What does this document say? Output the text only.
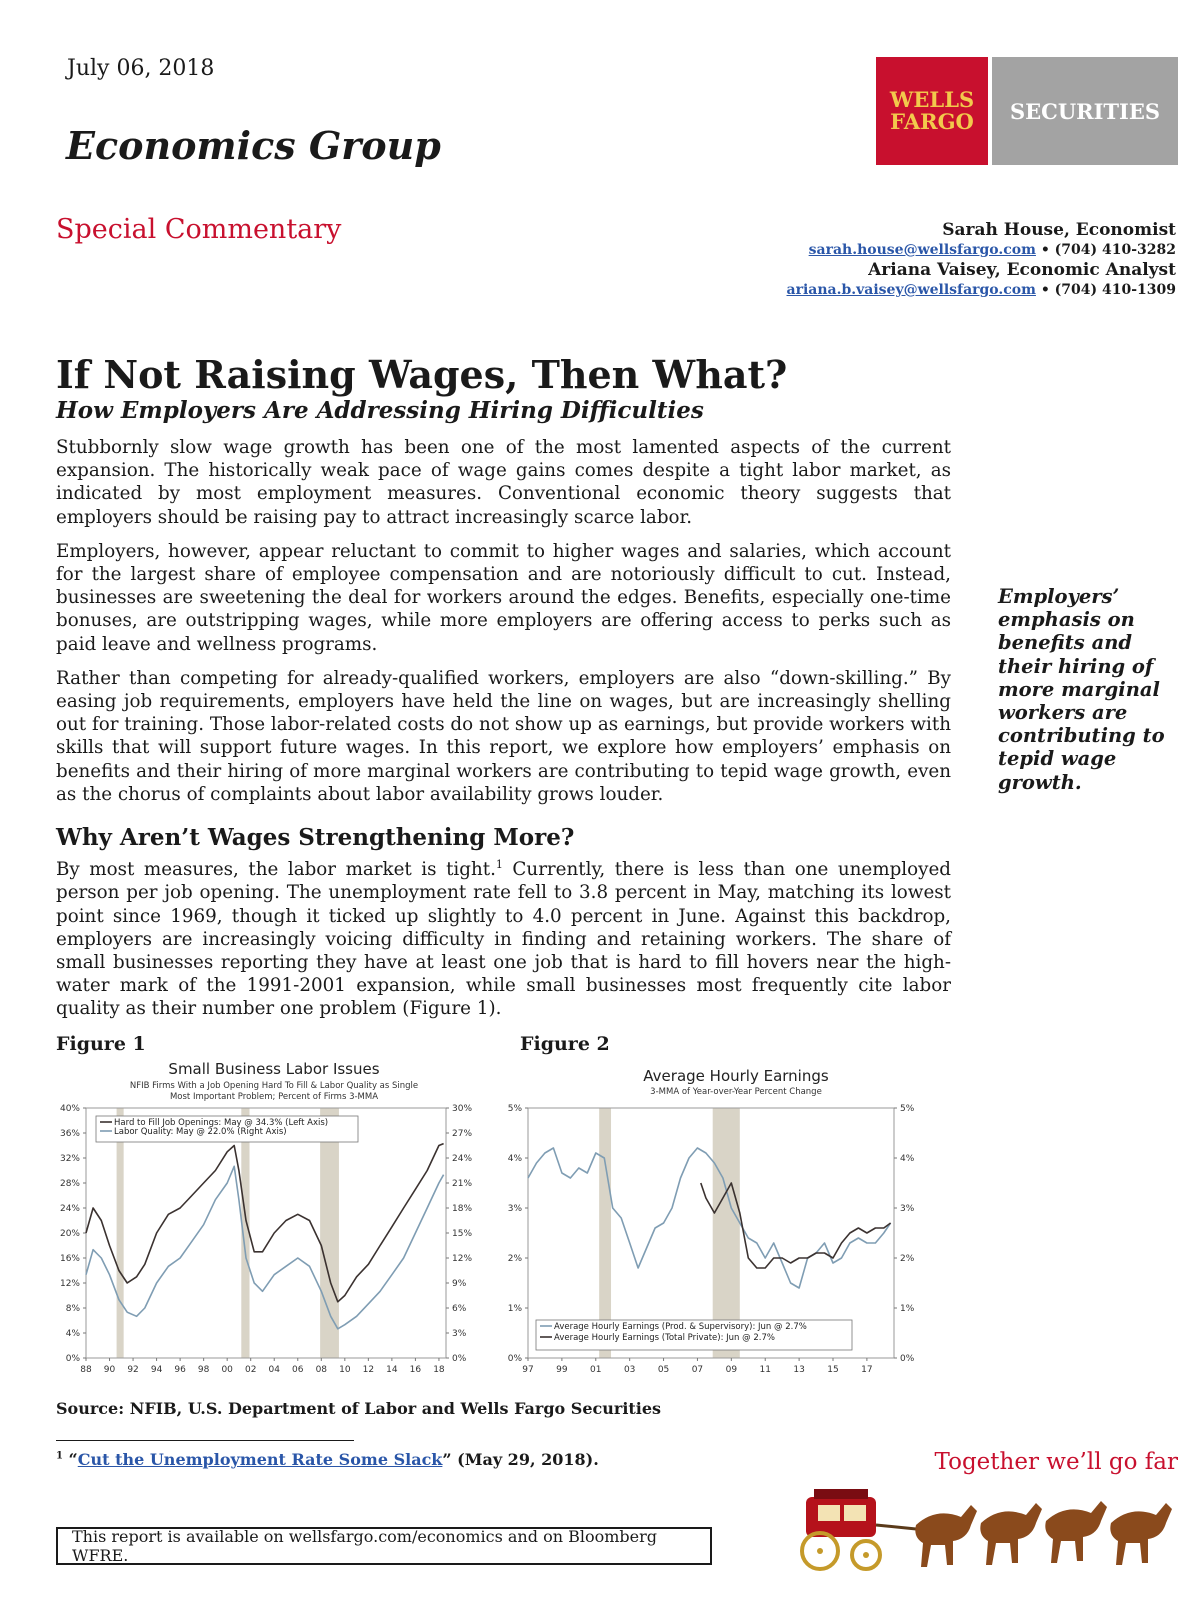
July 06, 2018
Economics Group
WELLS
FARGO	SECURITIES
Special Commentary	Sarah House, Economist
sarah.house@wellsfargo.com • (704) 410-3282
Ariana Vaisey, Economic Analyst
ariana.b.vaisey@wellsfargo.com • (704) 410-1309
If Not Raising Wages, Then What?
How Employers Are Addressing Hiring Difficulties

Stubbornly slow wage growth has been one of the most lamented aspects of the current expansion. The historically weak pace of wage gains comes despite a tight labor market, as indicated by most employment measures. Conventional economic theory suggests that employers should be raising pay to attract increasingly scarce labor.

Employers, however, appear reluctant to commit to higher wages and salaries, which account for the largest share of employee compensation and are notoriously difficult to cut. Instead, businesses are sweetening the deal for workers around the edges. Benefits, especially one-time bonuses, are outstripping wages, while more employers are offering access to perks such as paid leave and wellness programs.

Rather than competing for already-qualified workers, employers are also “down-skilling.” By easing job requirements, employers have held the line on wages, but are increasingly shelling out for training. Those labor-related costs do not show up as earnings, but provide workers with skills that will support future wages. In this report, we explore how employers’ emphasis on benefits and their hiring of more marginal workers are contributing to tepid wage growth, even as the chorus of complaints about labor availability grows louder.

Employers’ emphasis on benefits and their hiring of more marginal workers are contributing to tepid wage growth.
Why Aren’t Wages Strengthening More?

By most measures, the labor market is tight.$^1$ Currently, there is less than one unemployed person per job opening. The unemployment rate fell to 3.8 percent in May, matching its lowest point since 1969, though it ticked up slightly to 4.0 percent in June. Against this backdrop, employers are increasingly voicing difficulty in finding and retaining workers. The share of small businesses reporting they have at least one job that is hard to fill hovers near the high-water mark of the 1991-2001 expansion, while small businesses most frequently cite labor quality as their number one problem (Figure 1).

Figure 1	Figure 2
Small Business Labor Issues
NFIB Firms With a Job Opening Hard To Fill & Labor Quality as Single
Most Important Problem; Percent of Firms 3-MMA
0%
4%
8%
12%
16%
20%
24%
28%
32%
36%
40%
0%
3%
6%
9%
12%
15%
18%
21%
24%
27%
30%
88 90 92 94 96 98 00 02 04 06 08 10 12 14 16 18
Hard to Fill Job Openings: May @ 34.3% (Left Axis)
Labor Quality: May @ 22.0% (Right Axis)
Average Hourly Earnings
3-MMA of Year-over-Year Percent Change
0%
1%
2%
3%
4%
5%
0%
1%
2%
3%
4%
5%
97 99 01 03 05 07 09 11 13 15 17
Average Hourly Earnings (Prod. & Supervisory): Jun @ 2.7%
Average Hourly Earnings (Total Private): Jun @ 2.7%
Source: NFIB, U.S. Department of Labor and Wells Fargo Securities
$^1$ “Cut the Unemployment Rate Some Slack” (May 29, 2018).
This report is available on wellsfargo.com/economics and on Bloomberg WFRE.
Together we’ll go far
